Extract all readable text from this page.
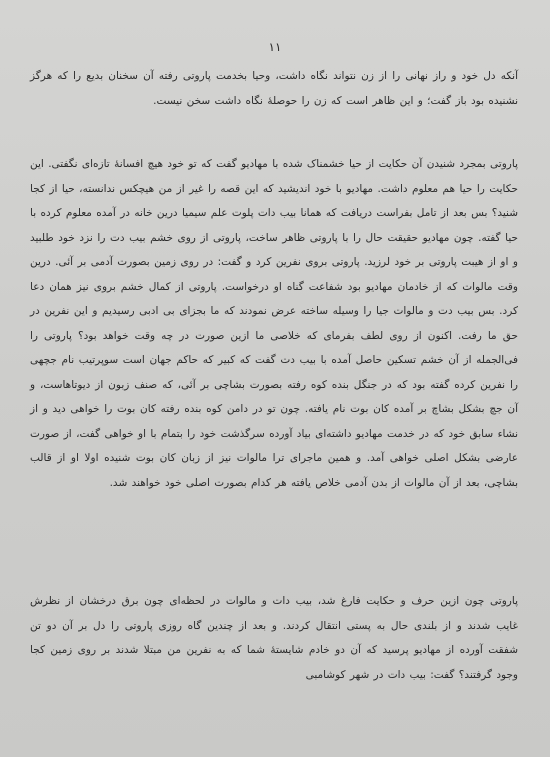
١١

آنکه دل خود و راز نهانی را از زن نتواند نگاه داشت، وحیا بخدمت پاروتی رفته آن سخنان بدیع را که هرگز نشنیده بود باز گفت؛ و این ظاهر است که زن را حوصلهٔ نگاه داشت سخن نیست.

پاروتی بمجرد شنیدن آن حکایت از حیا خشمناک شده با مهادیو گفت که تو خود هیچ افسانهٔ تازه‌ای نگفتی. این حکایت را حیا هم معلوم داشت. مهادیو با خود اندیشید که این قصه را غیر از من هیچکس ندانسته، حیا از کجا شنید؟ بس بعد از تامل بفراست دریافت که همانا بیب دات پلوت علم سیمیا درین خانه در آمده معلوم کرده با حیا گفته. چون مهادیو حقیقت حال را با پاروتی ظاهر ساخت، پاروتی از روی خشم بیب دت را نزد خود طلبید و او از هیبت پاروتی بر خود لرزید. پاروتی بروی نفرین کرد و گفت: در روی زمین بصورت آدمی بر آئی. درین وقت مالوات که از خادمان مهادیو بود شفاعت گناه او درخواست. پاروتی از کمال خشم بروی نیز همان دعا کرد. بس بیب دت و مالوات جیا را وسیله ساخته عرض نمودند که ما بجزای بی ادبی رسیدیم و این نفرین در حق ما رفت. اکنون از روی لطف بفرمای که خلاصی ما ازین صورت در چه وقت خواهد بود؟ پاروتی را فی‌الجمله از آن خشم تسکین حاصل آمده با بیب دت گفت که کبیر که حاکم جهان است سوپرتیب نام جچهی را نفرین کرده گفته بود که در جنگل بنده کوه رفته بصورت بشاچی بر آئی، که صنف زبون از دیوتاهاست، و آن جچ بشکل بشاچ بر آمده کان بوت نام یافته. چون تو در دامن کوه بنده رفته کان بوت را خواهی دید و از نشاء سابق خود که در خدمت مهادیو داشته‌ای بیاد آورده سرگذشت خود را بتمام با او خواهی گفت، از صورت عارضی بشکل اصلی خواهی آمد. و همین ماجرای ترا مالوات نیز از زبان کان بوت شنیده اولا او از قالب بشاچی، بعد از آن مالوات از بدن آدمی خلاص یافته هر کدام بصورت اصلی خود خواهند شد.

پاروتی چون ازین حرف و حکایت فارغ شد، بیب دات و مالوات در لحظه‌ای چون برق درخشان از نظرش غایب شدند و از بلندی حال به پستی انتقال کردند. و بعد از چندین گاه روزی پاروتی را دل بر آن دو تن شفقت آورده از مهادیو پرسید که آن دو خادم شایستهٔ شما که به نفرین من مبتلا شدند بر روی زمین کجا وجود گرفتند؟ گفت: بیب دات در شهر کوشامبی
